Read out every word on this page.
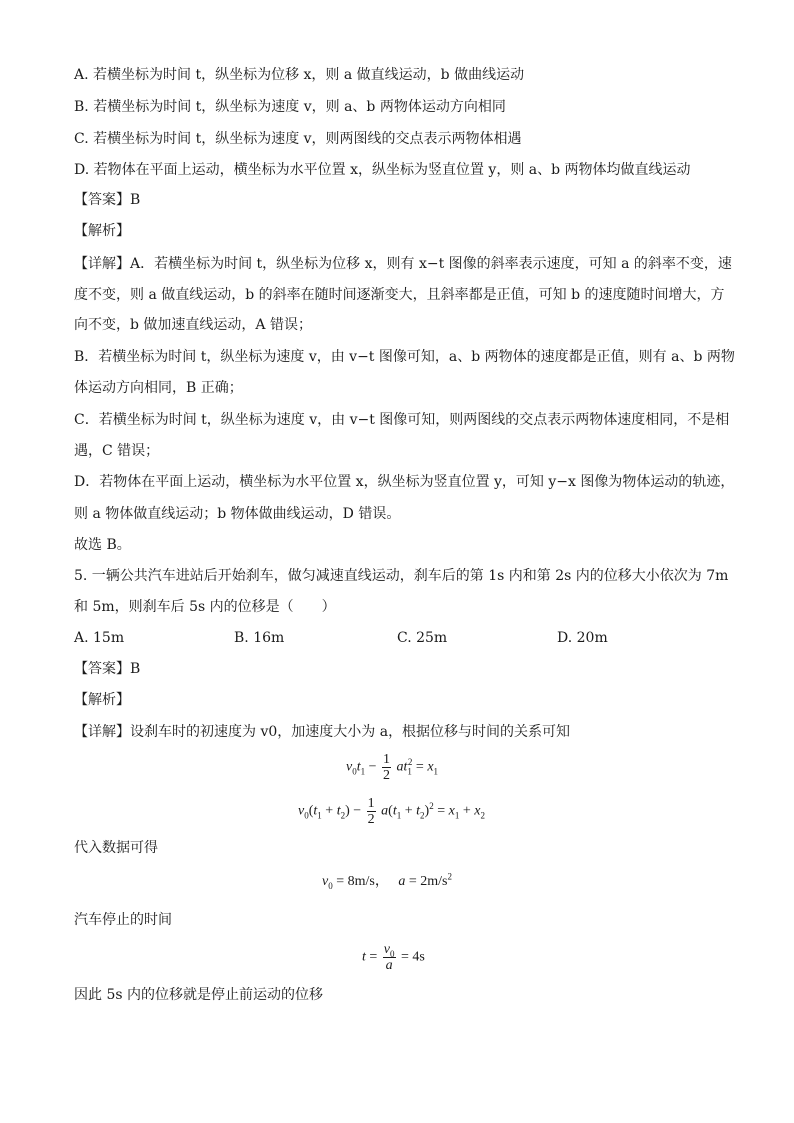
A. 若横坐标为时间 t，纵坐标为位移 x，则 a 做直线运动，b 做曲线运动
B. 若横坐标为时间 t，纵坐标为速度 v，则 a、b 两物体运动方向相同
C. 若横坐标为时间 t，纵坐标为速度 v，则两图线的交点表示两物体相遇
D. 若物体在平面上运动，横坐标为水平位置 x，纵坐标为竖直位置 y，则 a、b 两物体均做直线运动
【答案】B
【解析】
【详解】A．若横坐标为时间 t，纵坐标为位移 x，则有 x−t 图像的斜率表示速度，可知 a 的斜率不变，速
度不变，则 a 做直线运动，b 的斜率在随时间逐渐变大，且斜率都是正值，可知 b 的速度随时间增大，方
向不变，b 做加速直线运动，A 错误；
B．若横坐标为时间 t，纵坐标为速度 v，由 v−t 图像可知，a、b 两物体的速度都是正值，则有 a、b 两物
体运动方向相同，B 正确；
C．若横坐标为时间 t，纵坐标为速度 v，由 v−t 图像可知，则两图线的交点表示两物体速度相同，不是相
遇，C 错误；
D．若物体在平面上运动，横坐标为水平位置 x，纵坐标为竖直位置 y，可知 y−x 图像为物体运动的轨迹，
则 a 物体做直线运动；b 物体做曲线运动，D 错误。
故选 B。
5. 一辆公共汽车进站后开始刹车，做匀减速直线运动，刹车后的第 1s 内和第 2s 内的位移大小依次为 7m
和 5m，则刹车后 5s 内的位移是（　　）
A. 15m	B. 16m	C. 25m	D. 20m
【答案】B
【解析】
【详解】设刹车时的初速度为 v0，加速度大小为 a，根据位移与时间的关系可知
$v_0t_1 - \frac{1}{2} at_1^2 = x_1$
$v_0(t_1 + t_2) - \frac{1}{2} a(t_1 + t_2)^2 = x_1 + x_2$
代入数据可得
$v_0 = 8m/s$， $a = 2m/s^2$
汽车停止的时间
$t = \frac{v_0}{a} = 4s$
因此 5s 内的位移就是停止前运动的位移
